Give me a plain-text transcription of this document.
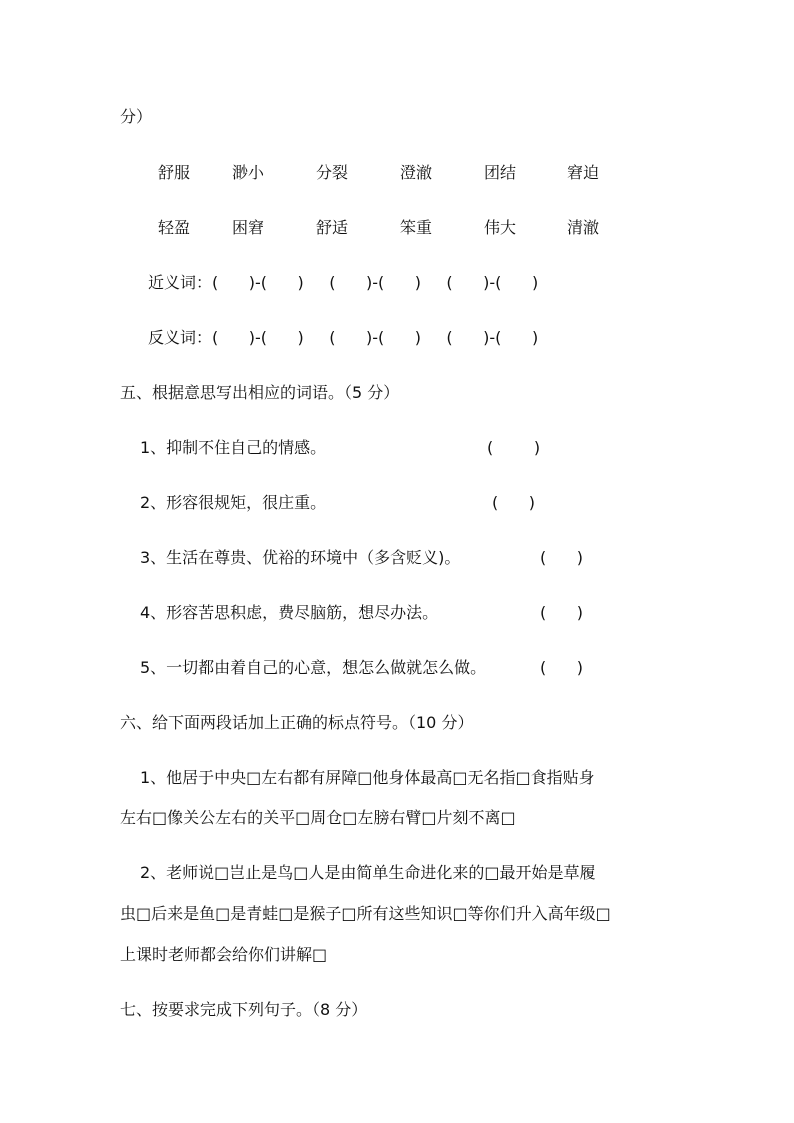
分）
舒服	渺小	分裂	澄澈	团结	窘迫
轻盈	困窘	舒适	笨重	伟大	清澈
近义词：(      )-(      )     (      )-(      )     (      )-(      )
反义词：(      )-(      )     (      )-(      )     (      )-(      )
五、根据意思写出相应的词语。（5 分）
1、抑制不住自己的情感。	(        )
2、形容很规矩，很庄重。	(      )
3、生活在尊贵、优裕的环境中（多含贬义)。	(      )
4、形容苦思积虑，费尽脑筋，想尽办法。	(      )
5、一切都由着自己的心意，想怎么做就怎么做。	(      )
六、给下面两段话加上正确的标点符号。（10 分）
1、他居于中央□左右都有屏障□他身体最高□无名指□食指贴身
左右□像关公左右的关平□周仓□左膀右臂□片刻不离□
2、老师说□岂止是鸟□人是由简单生命进化来的□最开始是草履
虫□后来是鱼□是青蛙□是猴子□所有这些知识□等你们升入高年级□
上课时老师都会给你们讲解□
七、按要求完成下列句子。（8 分）
